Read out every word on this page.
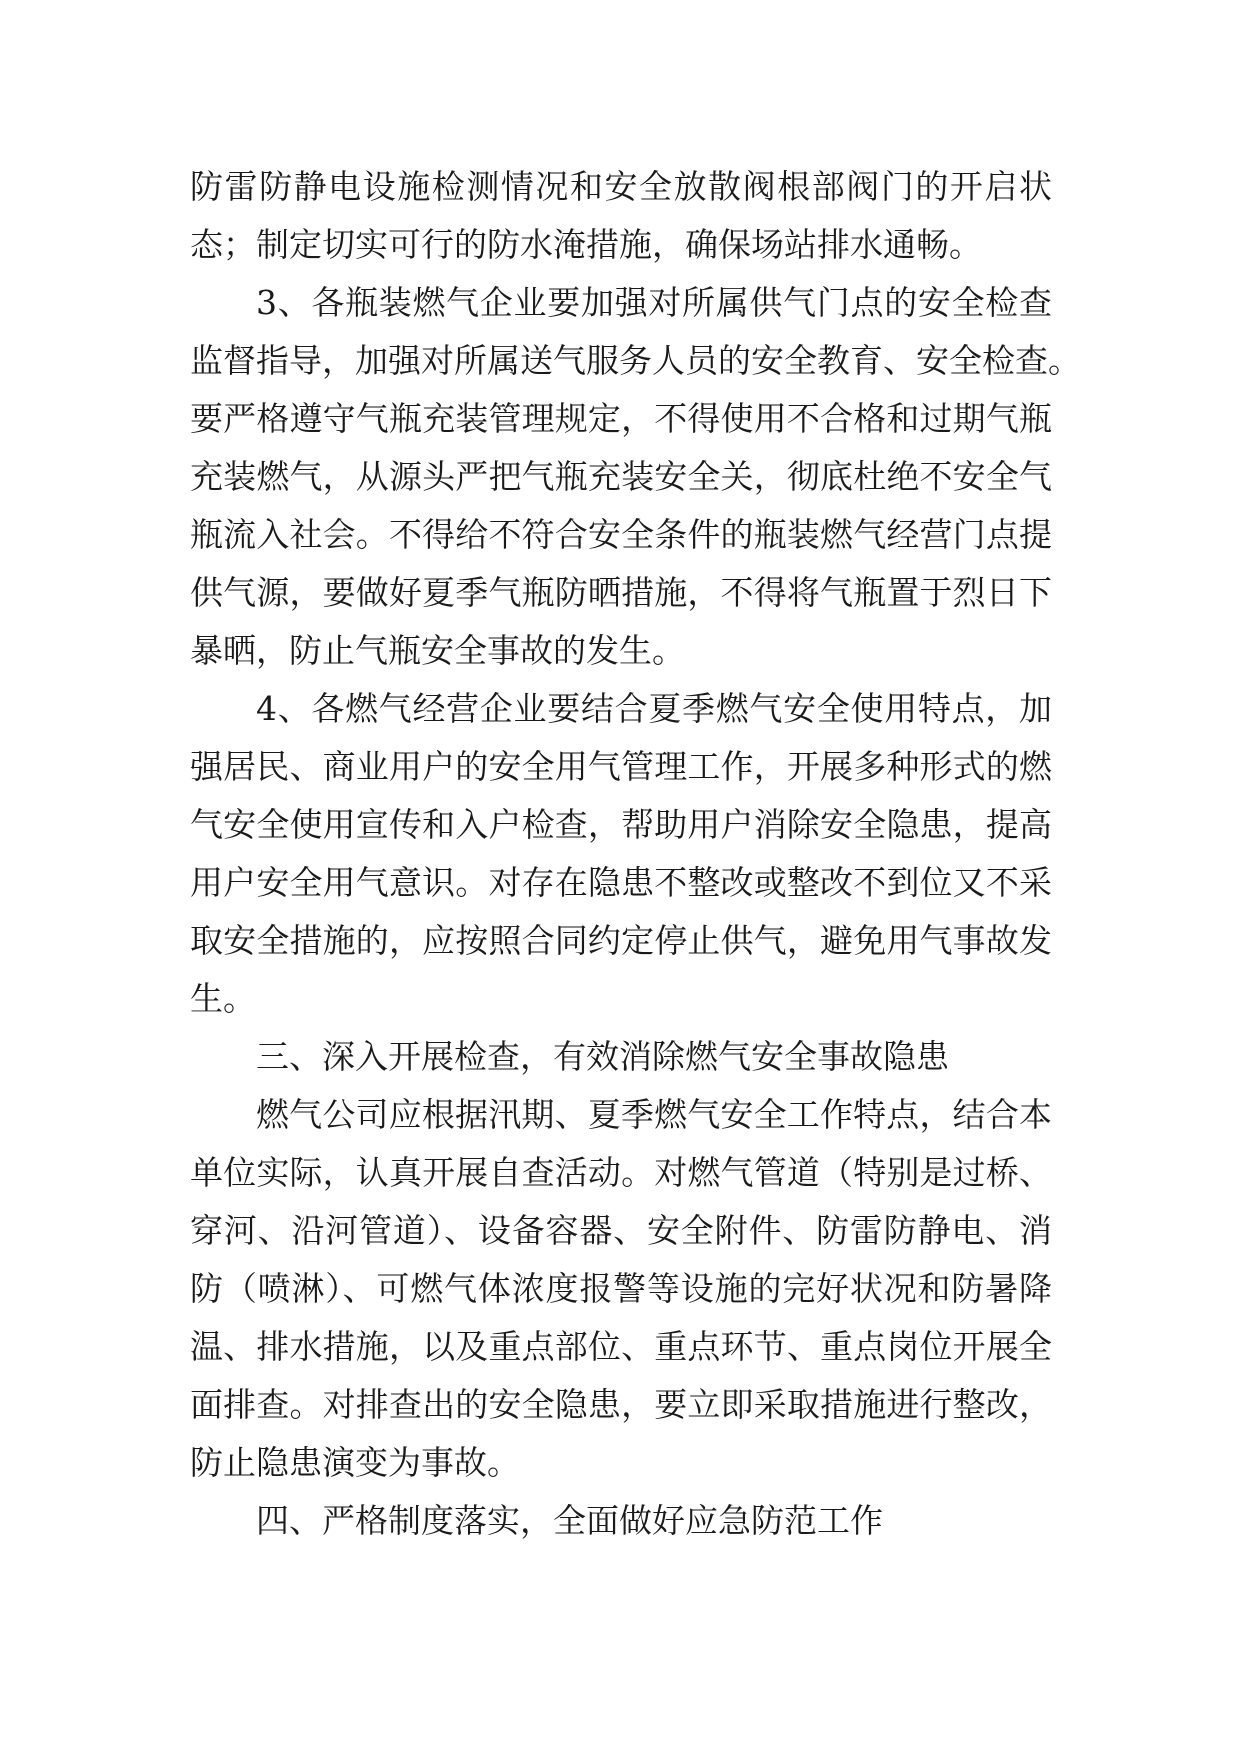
防雷防静电设施检测情况和安全放散阀根部阀门的开启状
态；制定切实可行的防水淹措施，确保场站排水通畅。
3、各瓶装燃气企业要加强对所属供气门点的安全检查
监督指导，加强对所属送气服务人员的安全教育、安全检查。
要严格遵守气瓶充装管理规定，不得使用不合格和过期气瓶
充装燃气，从源头严把气瓶充装安全关，彻底杜绝不安全气
瓶流入社会。不得给不符合安全条件的瓶装燃气经营门点提
供气源，要做好夏季气瓶防晒措施，不得将气瓶置于烈日下
暴晒，防止气瓶安全事故的发生。
4、各燃气经营企业要结合夏季燃气安全使用特点，加
强居民、商业用户的安全用气管理工作，开展多种形式的燃
气安全使用宣传和入户检查，帮助用户消除安全隐患，提高
用户安全用气意识。对存在隐患不整改或整改不到位又不采
取安全措施的，应按照合同约定停止供气，避免用气事故发
生。
三、深入开展检查，有效消除燃气安全事故隐患
燃气公司应根据汛期、夏季燃气安全工作特点，结合本
单位实际，认真开展自查活动。对燃气管道（特别是过桥、
穿河、沿河管道）、设备容器、安全附件、防雷防静电、消
防（喷淋）、可燃气体浓度报警等设施的完好状况和防暑降
温、排水措施，以及重点部位、重点环节、重点岗位开展全
面排查。对排查出的安全隐患，要立即采取措施进行整改，
防止隐患演变为事故。
四、严格制度落实，全面做好应急防范工作
